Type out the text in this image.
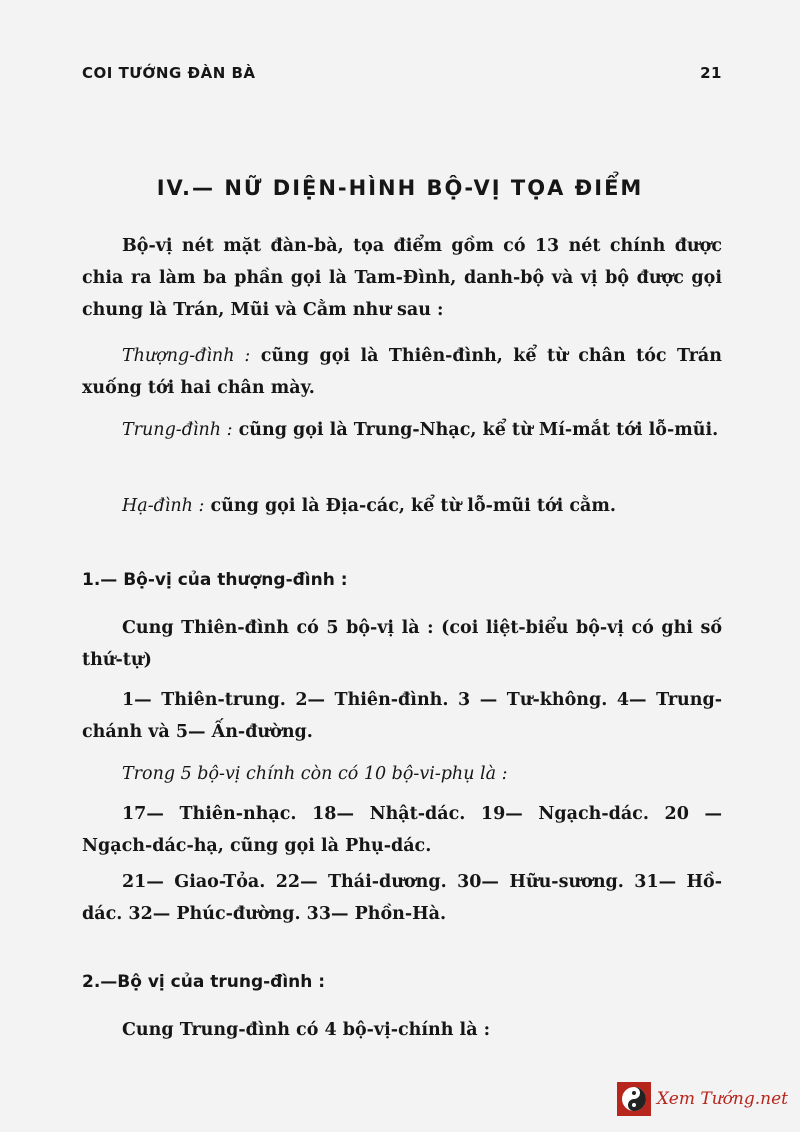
COI TƯỚNG ĐÀN BÀ	21
IV.— NỮ DIỆN-HÌNH BỘ-VỊ TỌA ĐIỂM
Bộ-vị nét mặt đàn-bà, tọa điểm gồm có 13 nét chính được chia ra làm ba phần gọi là Tam-Đình, danh-bộ và vị bộ được gọi chung là Trán, Mũi và Cằm như sau :
Thượng-đình : cũng gọi là Thiên-đình, kể từ chân tóc Trán xuống tới hai chân mày.
Trung-đình : cũng gọi là Trung-Nhạc, kể từ Mí-mắt tới lỗ-mũi.
Hạ-đình : cũng gọi là Địa-các, kể từ lỗ-mũi tới cằm.
1.— Bộ-vị của thượng-đình :
Cung Thiên-đình có 5 bộ-vị là : (coi liệt-biểu bộ-vị có ghi số thứ-tự)
1— Thiên-trung. 2— Thiên-đình. 3 — Tư-không. 4— Trung-chánh và 5— Ấn-đường.
Trong 5 bộ-vị chính còn có 10 bộ-vi-phụ là :
17— Thiên-nhạc. 18— Nhật-dác. 19— Ngạch-dác. 20 — Ngạch-dác-hạ, cũng gọi là Phụ-dác.
21— Giao-Tỏa. 22— Thái-dương. 30— Hữu-sương. 31— Hồ-dác. 32— Phúc-đường. 33— Phồn-Hà.
2.—Bộ vị của trung-đình :
Cung Trung-đình có 4 bộ-vị-chính là :
Xem Tướng.net
